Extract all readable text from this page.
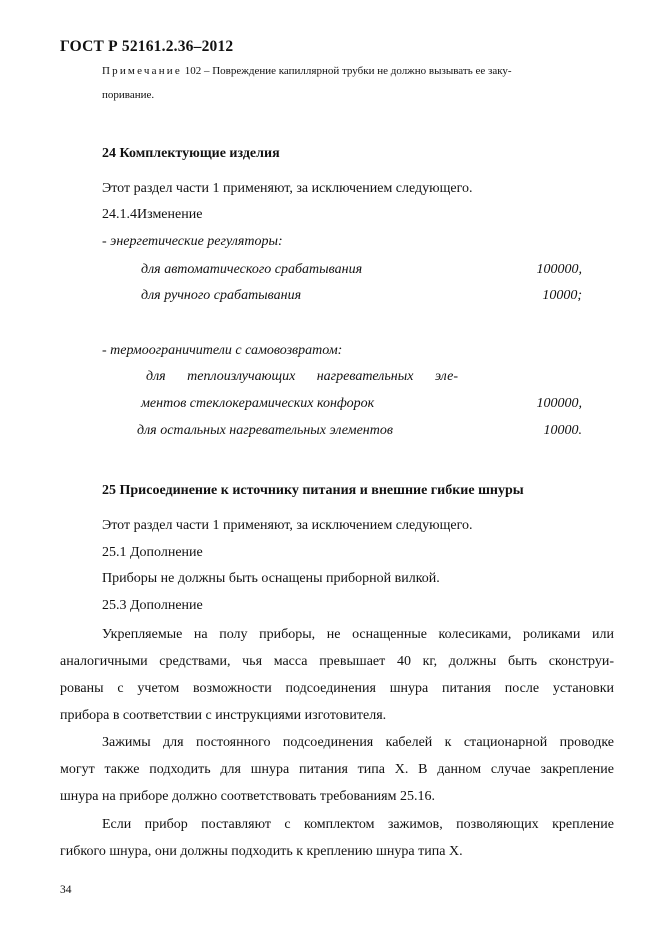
ГОСТ Р 52161.2.36–2012
Примечание 102 – Повреждение капиллярной трубки не должно вызывать ее заку-
поривание.
24 Комплектующие изделия
Этот раздел части 1 применяют, за исключением следующего.
24.1.4Изменение
- энергетические регуляторы:
для автоматического срабатывания	100000,
для ручного срабатывания	10000;
- термоограничители с самовозвратом:
для теплоизлучающих нагревательных эле-
ментов стеклокерамических конфорок	100000,
для остальных нагревательных элементов	10000.
25 Присоединение к источнику питания и внешние гибкие шнуры
Этот раздел части 1 применяют, за исключением следующего.
25.1 Дополнение
Приборы не должны быть оснащены приборной вилкой.
25.3 Дополнение
Укрепляемые на полу приборы, не оснащенные колесиками, роликами или
аналогичными средствами, чья масса превышает 40 кг, должны быть сконструи-
рованы с учетом возможности подсоединения шнура питания после установки
прибора в соответствии с инструкциями изготовителя.
Зажимы для постоянного подсоединения кабелей к стационарной проводке
могут также подходить для шнура питания типа X. В данном случае закрепление
шнура на приборе должно соответствовать требованиям 25.16.
Если прибор поставляют с комплектом зажимов, позволяющих крепление
гибкого шнура, они должны подходить к креплению шнура типа X.
34
